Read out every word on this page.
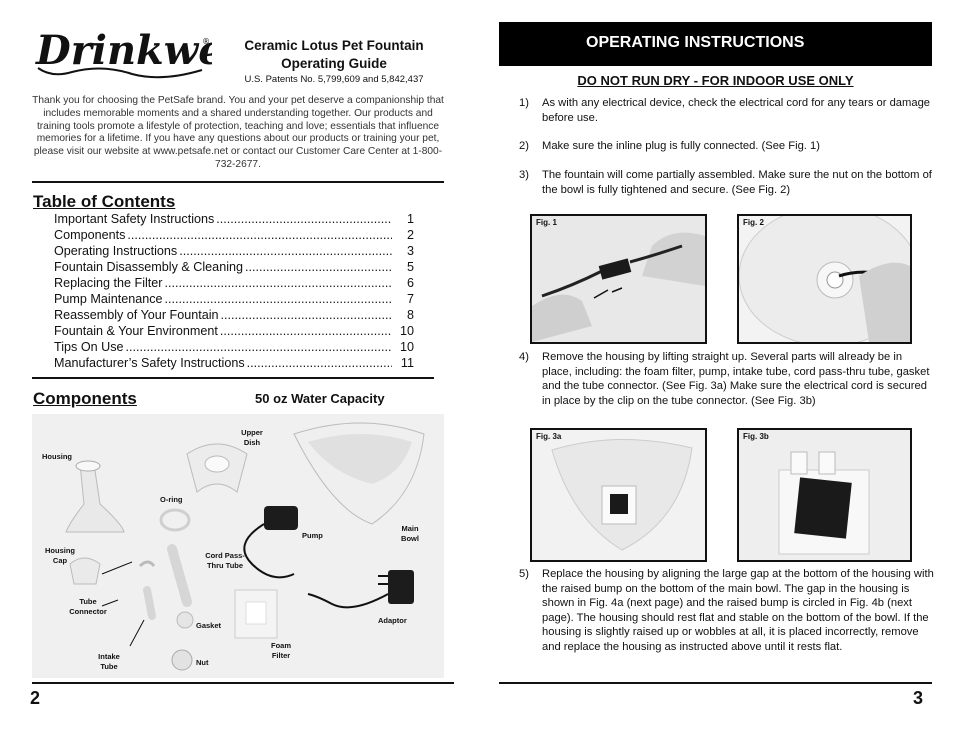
Drinkw ®	Ceramic Lotus Pet Fountain
Operating Guide
U.S. Patents No. 5,799,609 and 5,842,437
Thank you for choosing the PetSafe brand. You and your pet deserve a companionship that includes memorable moments and a shared understanding together. Our products and training tools promote a lifestyle of protection, teaching and love; essentials that influence memories for a lifetime. If you have any questions about our products or training your pet, please visit our website at www.petsafe.net or contact our Customer Care Center at 1-800-732-2677.
Table of Contents
Important Safety Instructions .....	1
Components .....	2
Operating Instructions .....	3
Fountain Disassembly & Cleaning .....	5
Replacing the Filter .....	6
Pump Maintenance .....	7
Reassembly of Your Fountain .....	8
Fountain & Your Environment .....	10
Tips On Use .....	10
Manufacturer’s Safety Instructions .....	11
Components	50 oz Water Capacity
Housing
Upper Dish
O-ring
Main Bowl
Pump
Housing Cap
Cord Pass-Thru Tube
Tube Connector
Gasket
Adaptor
Foam Filter
Intake Tube	Nut
2
OPERATING INSTRUCTIONS
DO NOT RUN DRY - FOR INDOOR USE ONLY
1)	As with any electrical device, check the electrical cord for any tears or damage before use.
2)	Make sure the inline plug is fully connected. (See Fig. 1)
3)	The fountain will come partially assembled. Make sure the nut on the bottom of the bowl is fully tightened and secure. (See Fig. 2)
Fig. 1	Fig. 2
4)	Remove the housing by lifting straight up. Several parts will already be in place, including: the foam filter, pump, intake tube, cord pass-thru tube, gasket and the tube connector. (See Fig. 3a) Make sure the electrical cord is secured in place by the clip on the tube connector. (See Fig. 3b)
Fig. 3a	Fig. 3b
5)	Replace the housing by aligning the large gap at the bottom of the housing with the raised bump on the bottom of the main bowl. The gap in the housing is shown in Fig. 4a (next page) and the raised bump is circled in Fig. 4b (next page). The housing should rest flat and stable on the bottom of the bowl. If the housing is slightly raised up or wobbles at all, it is placed incorrectly, remove and replace the housing as instructed above until it rests flat.
3
